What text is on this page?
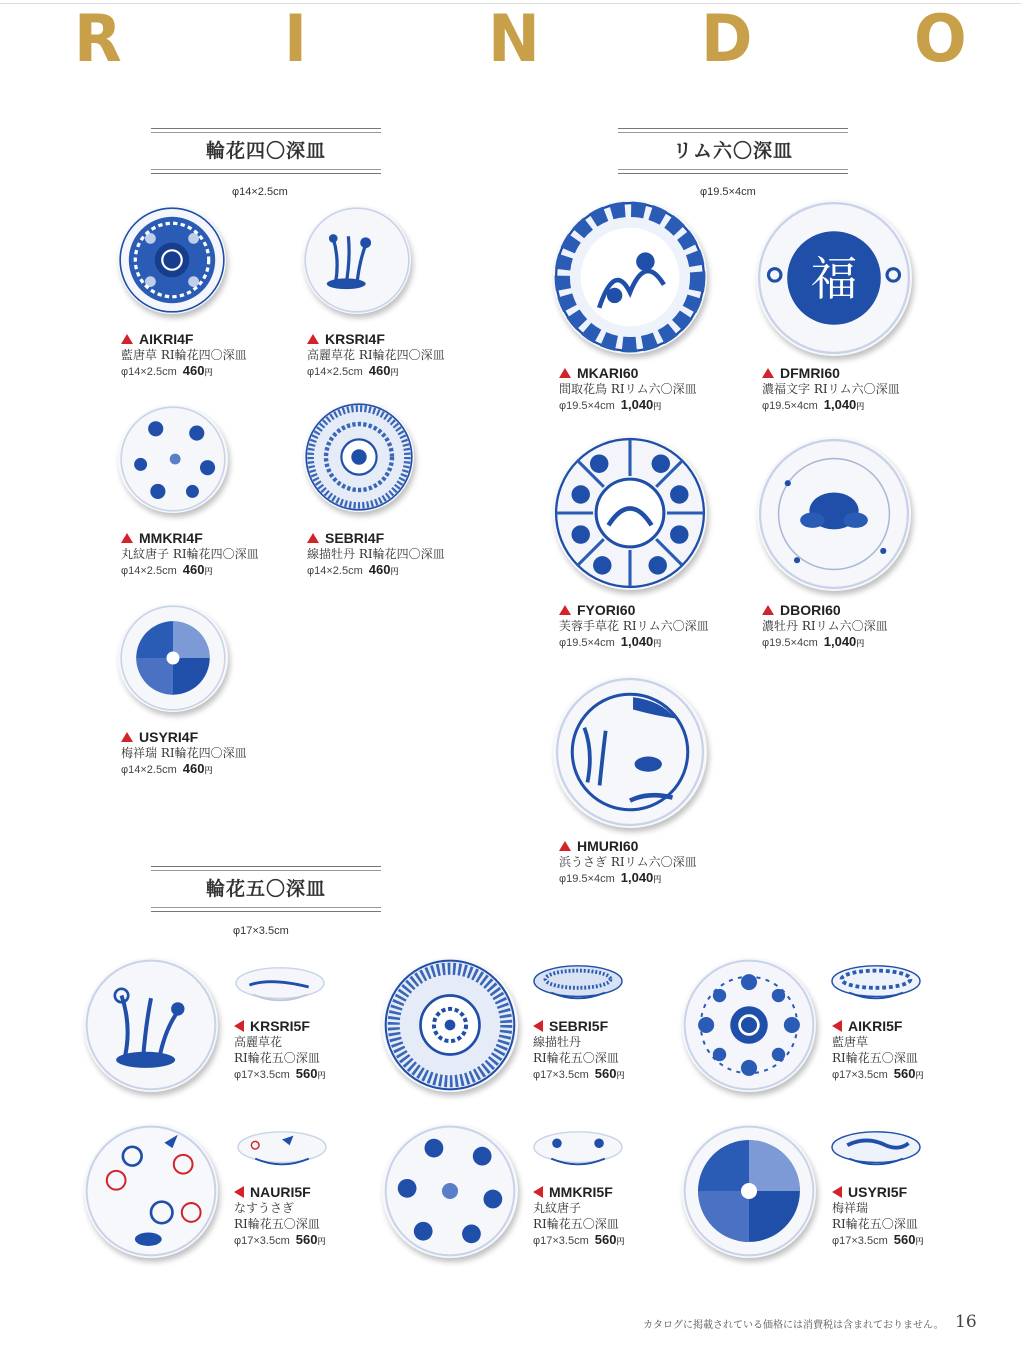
R	I	N	D	O
輪花四〇深皿
φ14×2.5cm
リム六〇深皿
φ19.5×4cm
輪花五〇深皿
φ17×3.5cm
AIKRI4F
藍唐草 RI輪花四〇深皿
φ14×2.5cm 460円
KRSRI4F
高麗草花 RI輪花四〇深皿
φ14×2.5cm 460円
MMKRI4F
丸紋唐子 RI輪花四〇深皿
φ14×2.5cm 460円
SEBRI4F
線描牡丹 RI輪花四〇深皿
φ14×2.5cm 460円
USYRI4F
梅祥瑞 RI輪花四〇深皿
φ14×2.5cm 460円
MKARI60
間取花鳥 RIリム六〇深皿
φ19.5×4cm 1,040円
福
DFMRI60
濃福文字 RIリム六〇深皿
φ19.5×4cm 1,040円
FYORI60
芙蓉手草花 RIリム六〇深皿
φ19.5×4cm 1,040円
DBORI60
濃牡丹 RIリム六〇深皿
φ19.5×4cm 1,040円
HMURI60
浜うさぎ RIリム六〇深皿
φ19.5×4cm 1,040円
KRSRI5F
高麗草花
RI輪花五〇深皿
φ17×3.5cm 560円
SEBRI5F
線描牡丹
RI輪花五〇深皿
φ17×3.5cm 560円
AIKRI5F
藍唐草
RI輪花五〇深皿
φ17×3.5cm 560円
NAURI5F
なすうさぎ
RI輪花五〇深皿
φ17×3.5cm 560円
MMKRI5F
丸紋唐子
RI輪花五〇深皿
φ17×3.5cm 560円
USYRI5F
梅祥瑞
RI輪花五〇深皿
φ17×3.5cm 560円
カタログに掲載されている価格には消費税は含まれておりません。 16
